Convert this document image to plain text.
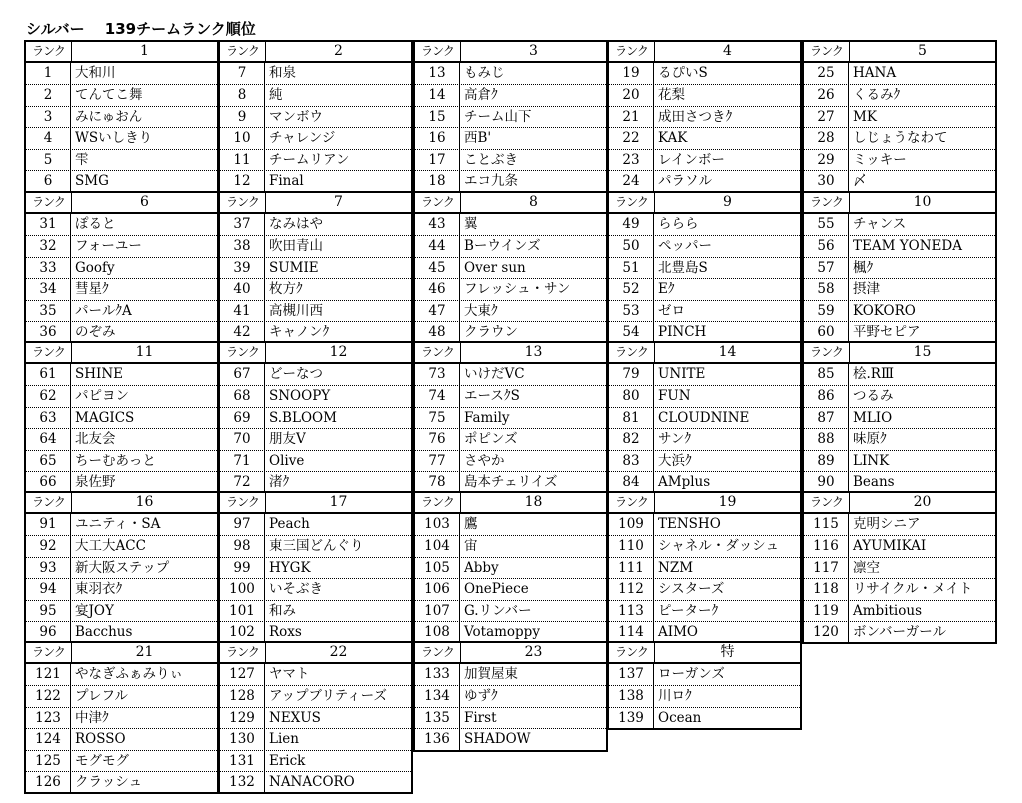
シルバー　 139チームランク順位
ランク	1
1	大和川
2	てんてこ舞
3	みにゅおん
4	WSいしきり
5	雫
6	SMG
ランク	2
7	和泉
8	純
9	マンボウ
10	チャレンジ
11	チームリアン
12	Final
ランク	3
13	もみじ
14	高倉ｸ
15	チーム山下
16	西B'
17	ことぶき
18	エコ九条
ランク	4
19	るぴいS
20	花梨
21	成田さつきｸ
22	KAK
23	レインボー
24	パラソル
ランク	5
25	HANA
26	くるみｸ
27	MK
28	しじょうなわて
29	ミッキー
30	〆
ランク	6
31	ぽると
32	フォーユー
33	Goofy
34	彗星ｸ
35	パールｸA
36	のぞみ
ランク	7
37	なみはや
38	吹田青山
39	SUMIE
40	枚方ｸ
41	高槻川西
42	キャノンｸ
ランク	8
43	翼
44	Bーウインズ
45	Over sun
46	フレッシュ・サン
47	大東ｸ
48	クラウン
ランク	9
49	ららら
50	ペッパー
51	北豊島S
52	Eｸ
53	ゼロ
54	PINCH
ランク	10
55	チャンス
56	TEAM YONEDA
57	楓ｸ
58	摂津
59	KOKORO
60	平野セピア
ランク	11
61	SHINE
62	パピヨン
63	MAGICS
64	北友会
65	ちーむあっと
66	泉佐野
ランク	12
67	どーなつ
68	SNOOPY
69	S.BLOOM
70	朋友V
71	Olive
72	渚ｸ
ランク	13
73	いけだVC
74	エースｸS
75	Family
76	ポピンズ
77	さやか
78	島本チェリイズ
ランク	14
79	UNITE
80	FUN
81	CLOUDNINE
82	サンｸ
83	大浜ｸ
84	AMplus
ランク	15
85	桧.RⅢ
86	つるみ
87	MLIO
88	味原ｸ
89	LINK
90	Beans
ランク	16
91	ユニティ・SA
92	大工大ACC
93	新大阪ステップ
94	東羽衣ｸ
95	宴JOY
96	Bacchus
ランク	17
97	Peach
98	東三国どんぐり
99	HYGK
100	いそぶき
101	和み
102	Roxs
ランク	18
103	鷹
104	宙
105	Abby
106	OnePiece
107	G.リンバー
108	Votamoppy
ランク	19
109	TENSHO
110	シャネル・ダッシュ
111	NZM
112	シスターズ
113	ピーターｸ
114	AIMO
ランク	20
115	克明シニア
116	AYUMIKAI
117	凛空
118	リサイクル・メイト
119	Ambitious
120	ボンバーガール
ランク	21
121	やなぎふぁみりぃ
122	プレフル
123	中津ｸ
124	ROSSO
125	モグモグ
126	クラッシュ
ランク	22
127	ヤマト
128	アップブリティーズ
129	NEXUS
130	Lien
131	Erick
132	NANACORO
ランク	23
133	加賀屋東
134	ゆずｸ
135	First
136	SHADOW
ランク	特
137	ローガンズ
138	川ロｸ
139	Ocean
